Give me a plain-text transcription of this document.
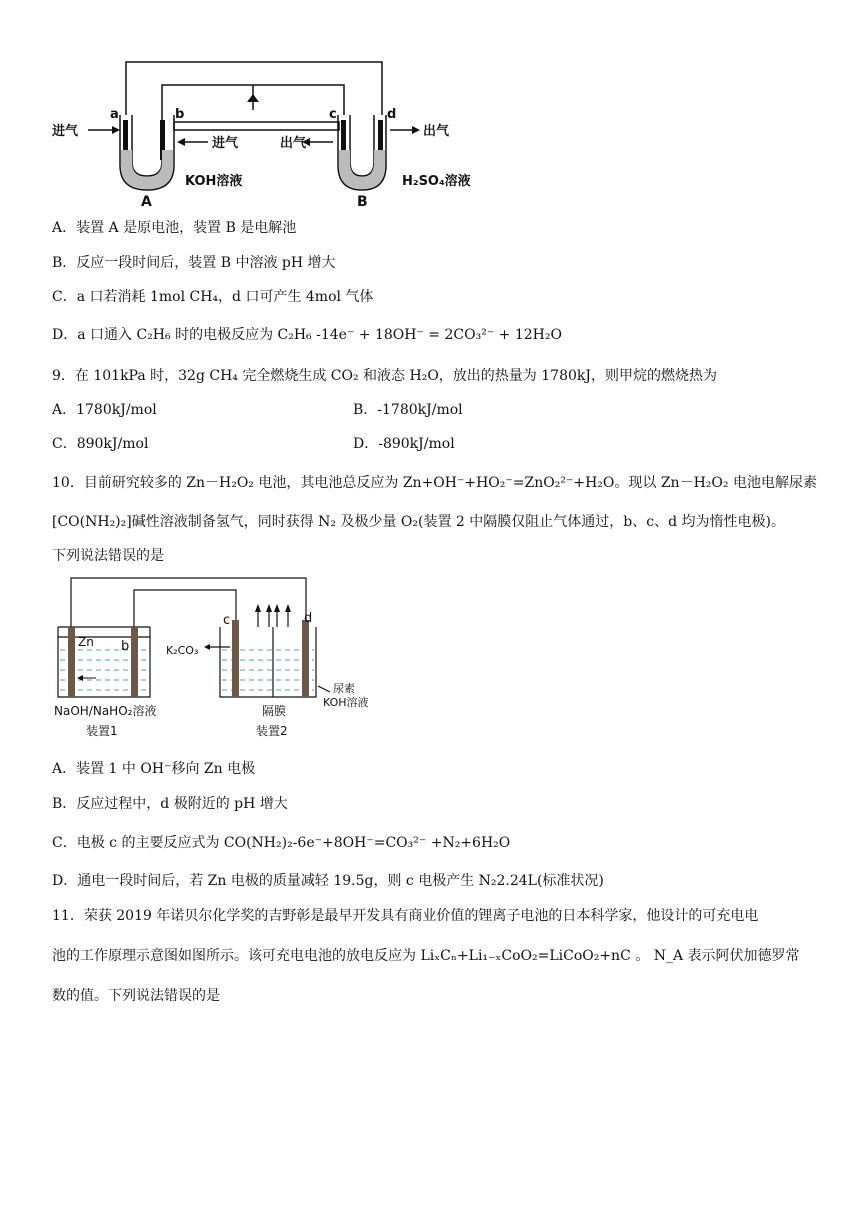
进气
a	b
进气	出气
c	d
出气
KOH溶液	H₂SO₄溶液
A	B
A．装置 A 是原电池，装置 B 是电解池
B．反应一段时间后，装置 B 中溶液 pH 增大
C．a 口若消耗 1mol CH₄，d 口可产生 4mol 气体
D．a 口通入 C₂H₆ 时的电极反应为 C₂H₆ -14e⁻ + 18OH⁻ = 2CO₃²⁻ + 12H₂O
9．在 101kPa 时，32g CH₄ 完全燃烧生成 CO₂ 和液态 H₂O，放出的热量为 1780kJ，则甲烷的燃烧热为
A．1780kJ/mol	B．-1780kJ/mol
C．890kJ/mol	D．-890kJ/mol
10．目前研究较多的 Zn－H₂O₂ 电池，其电池总反应为 Zn+OH⁻+HO₂⁻=ZnO₂²⁻+H₂O。现以 Zn－H₂O₂ 电池电解尿素
[CO(NH₂)₂]碱性溶液制备氢气，同时获得 N₂ 及极少量 O₂(装置 2 中隔膜仅阻止气体通过，b、c、d 均为惰性电极)。
下列说法错误的是
Zn b
c	d
K₂CO₃
NaOH/NaHO₂溶液
装置1
隔膜
装置2
尿素
KOH溶液
A．装置 1 中 OH⁻移向 Zn 电极
B．反应过程中，d 极附近的 pH 增大
C．电极 c 的主要反应式为 CO(NH₂)₂-6e⁻+8OH⁻=CO₃²⁻ +N₂+6H₂O
D．通电一段时间后，若 Zn 电极的质量减轻 19.5g，则 c 电极产生 N₂2.24L(标准状况)
11．荣获 2019 年诺贝尔化学奖的吉野彰是最早开发具有商业价值的锂离子电池的日本科学家，他设计的可充电电
池的工作原理示意图如图所示。该可充电电池的放电反应为 LiₓCₙ+Li₁₋ₓCoO₂=LiCoO₂+nC 。 N_A 表示阿伏加德罗常
数的值。下列说法错误的是
